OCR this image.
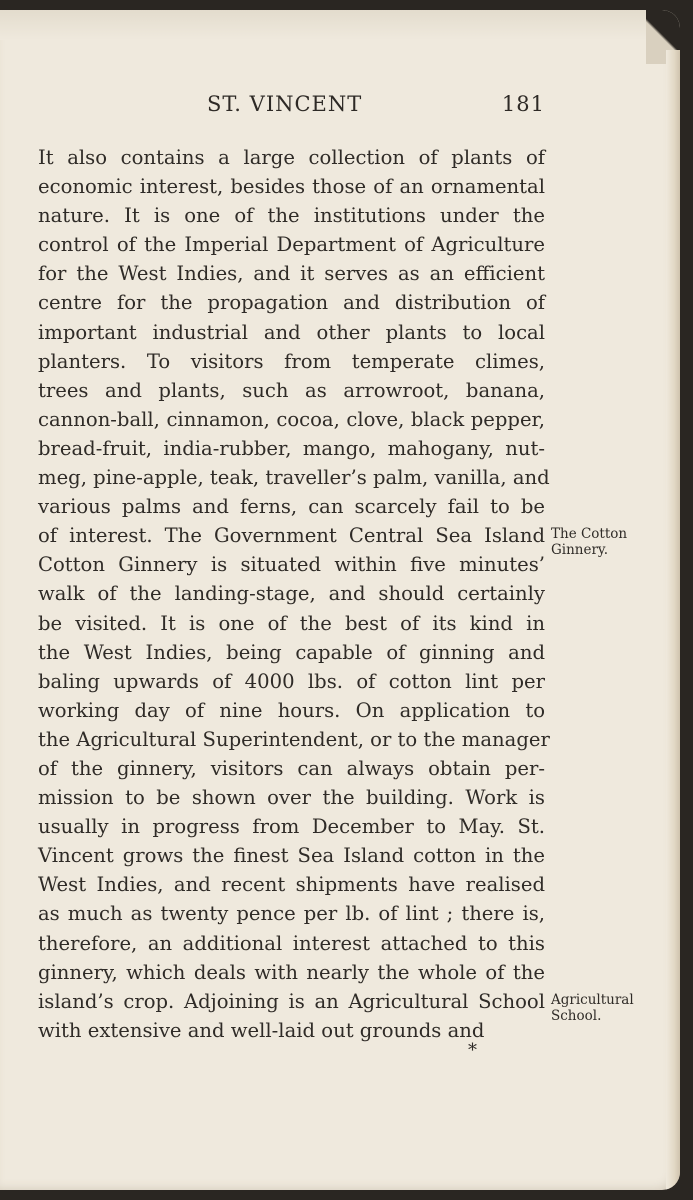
ST. VINCENT	181
It also contains a large collection of plants of
economic interest, besides those of an ornamental
nature. It is one of the institutions under the
control of the Imperial Department of Agriculture
for the West Indies, and it serves as an efficient
centre for the propagation and distribution of
important industrial and other plants to local
planters. To visitors from temperate climes,
trees and plants, such as arrowroot, banana,
cannon-ball, cinnamon, cocoa, clove, black pepper,
bread-fruit, india-rubber, mango, mahogany, nut-
meg, pine-apple, teak, traveller’s palm, vanilla, and
various palms and ferns, can scarcely fail to be
of interest. The Government Central Sea Island
Cotton Ginnery is situated within five minutes’
walk of the landing-stage, and should certainly
be visited. It is one of the best of its kind in
the West Indies, being capable of ginning and
baling upwards of 4000 lbs. of cotton lint per
working day of nine hours. On application to
the Agricultural Superintendent, or to the manager
of the ginnery, visitors can always obtain per-
mission to be shown over the building. Work is
usually in progress from December to May. St.
Vincent grows the finest Sea Island cotton in the
West Indies, and recent shipments have realised
as much as twenty pence per lb. of lint ; there is,
therefore, an additional interest attached to this
ginnery, which deals with nearly the whole of the
island’s crop. Adjoining is an Agricultural School
with extensive and well-laid out grounds and
The Cotton
Ginnery.
Agricultural
School.
*
